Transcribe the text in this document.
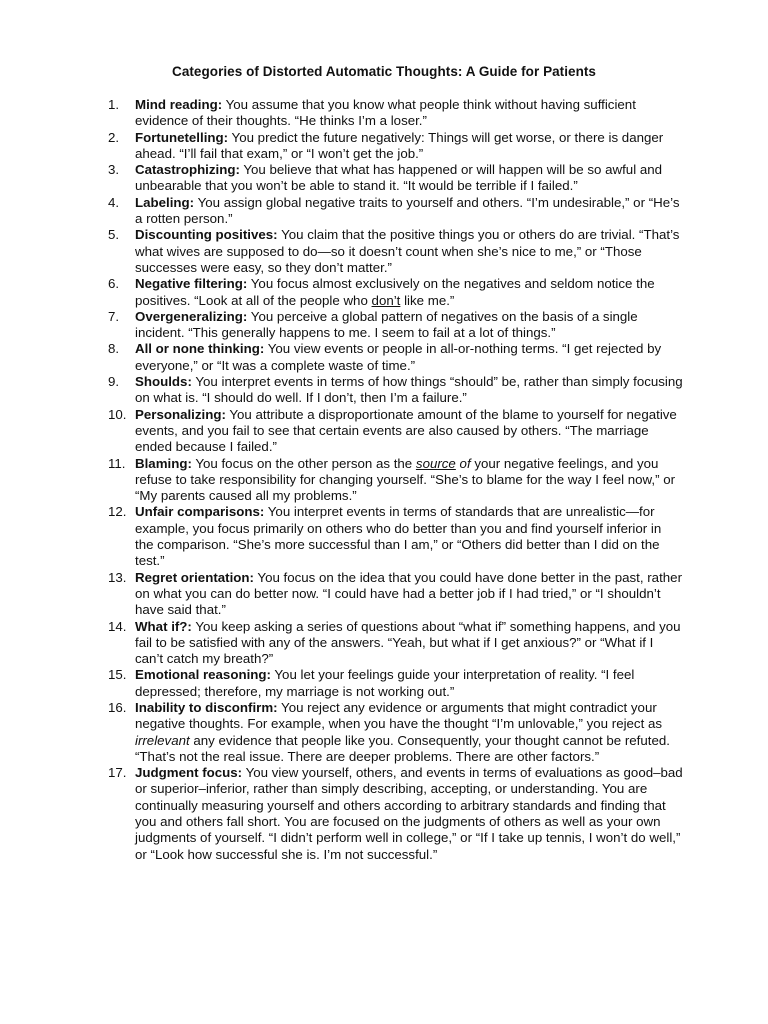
Categories of Distorted Automatic Thoughts: A Guide for Patients
1. Mind reading: You assume that you know what people think without having sufficient evidence of their thoughts. “He thinks I’m a loser.”
2. Fortunetelling: You predict the future negatively: Things will get worse, or there is danger ahead. “I’ll fail that exam,” or “I won’t get the job.”
3. Catastrophizing: You believe that what has happened or will happen will be so awful and unbearable that you won’t be able to stand it. “It would be terrible if I failed.”
4. Labeling: You assign global negative traits to yourself and others. “I’m undesirable,” or “He’s a rotten person.”
5. Discounting positives: You claim that the positive things you or others do are trivial. “That’s what wives are supposed to do—so it doesn’t count when she’s nice to me,” or “Those successes were easy, so they don’t matter.”
6. Negative filtering: You focus almost exclusively on the negatives and seldom notice the positives. “Look at all of the people who don’t like me.”
7. Overgeneralizing: You perceive a global pattern of negatives on the basis of a single incident. “This generally happens to me. I seem to fail at a lot of things.”
8. All or none thinking: You view events or people in all-or-nothing terms. “I get rejected by everyone,” or “It was a complete waste of time.”
9. Shoulds: You interpret events in terms of how things “should” be, rather than simply focusing on what is. “I should do well. If I don’t, then I’m a failure.”
10. Personalizing: You attribute a disproportionate amount of the blame to yourself for negative events, and you fail to see that certain events are also caused by others. “The marriage ended because I failed.”
11. Blaming: You focus on the other person as the source of your negative feelings, and you refuse to take responsibility for changing yourself. “She’s to blame for the way I feel now,” or “My parents caused all my problems.”
12. Unfair comparisons: You interpret events in terms of standards that are unrealistic—for example, you focus primarily on others who do better than you and find yourself inferior in the comparison. “She’s more successful than I am,” or “Others did better than I did on the test.”
13. Regret orientation: You focus on the idea that you could have done better in the past, rather on what you can do better now. “I could have had a better job if I had tried,” or “I shouldn’t have said that.”
14. What if?: You keep asking a series of questions about “what if” something happens, and you fail to be satisfied with any of the answers. “Yeah, but what if I get anxious?” or “What if I can’t catch my breath?”
15. Emotional reasoning: You let your feelings guide your interpretation of reality. “I feel depressed; therefore, my marriage is not working out.”
16. Inability to disconfirm: You reject any evidence or arguments that might contradict your negative thoughts. For example, when you have the thought “I’m unlovable,” you reject as irrelevant any evidence that people like you. Consequently, your thought cannot be refuted. “That’s not the real issue. There are deeper problems. There are other factors.”
17. Judgment focus: You view yourself, others, and events in terms of evaluations as good–bad or superior–inferior, rather than simply describing, accepting, or understanding. You are continually measuring yourself and others according to arbitrary standards and finding that you and others fall short. You are focused on the judgments of others as well as your own judgments of yourself. “I didn’t perform well in college,” or “If I take up tennis, I won’t do well,” or “Look how successful she is. I’m not successful.”
